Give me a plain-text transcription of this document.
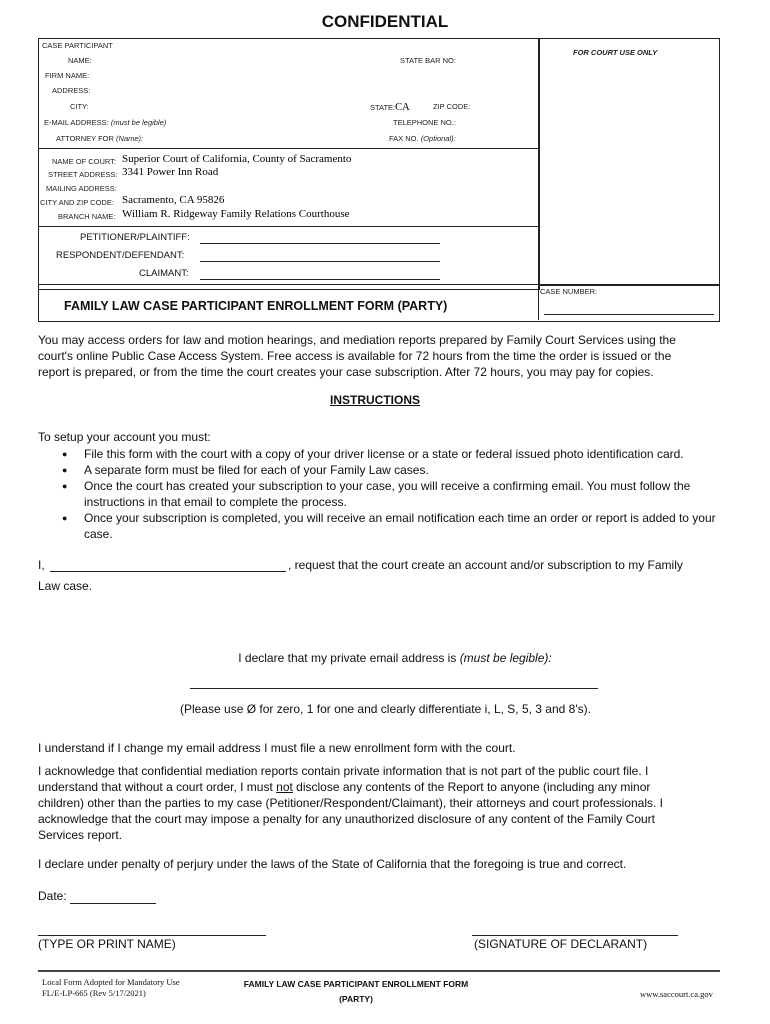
CONFIDENTIAL
CASE PARTICIPANT
NAME:	STATE BAR NO:
FIRM NAME:
ADDRESS:
CITY:	STATE:CA	ZIP CODE:
E-MAIL ADDRESS: (must be legible)	TELEPHONE NO.:
ATTORNEY FOR (Name):	FAX NO. (Optional):
FOR COURT USE ONLY
NAME OF COURT: Superior Court of California, County of Sacramento
STREET ADDRESS: 3341 Power Inn Road
MAILING ADDRESS:
CITY AND ZIP CODE: Sacramento, CA 95826
BRANCH NAME: William R. Ridgeway Family Relations Courthouse
PETITIONER/PLAINTIFF:
RESPONDENT/DEFENDANT:
CLAIMANT:
FAMILY LAW CASE PARTICIPANT ENROLLMENT FORM (PARTY)
CASE NUMBER:
You may access orders for law and motion hearings, and mediation reports prepared by Family Court Services using the
court's online Public Case Access System. Free access is available for 72 hours from the time the order is issued or the
report is prepared, or from the time the court creates your case subscription. After 72 hours, you may pay for copies.
INSTRUCTIONS
To setup your account you must:
● File this form with the court with a copy of your driver license or a state or federal issued photo identification card.
● A separate form must be filed for each of your Family Law cases.
● Once the court has created your subscription to your case, you will receive a confirming email. You must follow the instructions in that email to complete the process.
● Once your subscription is completed, you will receive an email notification each time an order or report is added to your case.
I,	, request that the court create an account and/or subscription to my Family
Law case.
I declare that my private email address is (must be legible):
(Please use Ø for zero, 1 for one and clearly differentiate i, L, S, 5, 3 and 8's).
I understand if I change my email address I must file a new enrollment form with the court.
I acknowledge that confidential mediation reports contain private information that is not part of the public court file. I
understand that without a court order, I must not disclose any contents of the Report to anyone (including any minor
children) other than the parties to my case (Petitioner/Respondent/Claimant), their attorneys and court professionals. I
acknowledge that the court may impose a penalty for any unauthorized disclosure of any content of the Family Court
Services report.
I declare under penalty of perjury under the laws of the State of California that the foregoing is true and correct.
Date:
(TYPE OR PRINT NAME)	(SIGNATURE OF DECLARANT)
Local Form Adopted for Mandatory Use
FL/E-LP-665 (Rev 5/17/2021)
FAMILY LAW CASE PARTICIPANT ENROLLMENT FORM
(PARTY)	www.saccourt.ca.gov
